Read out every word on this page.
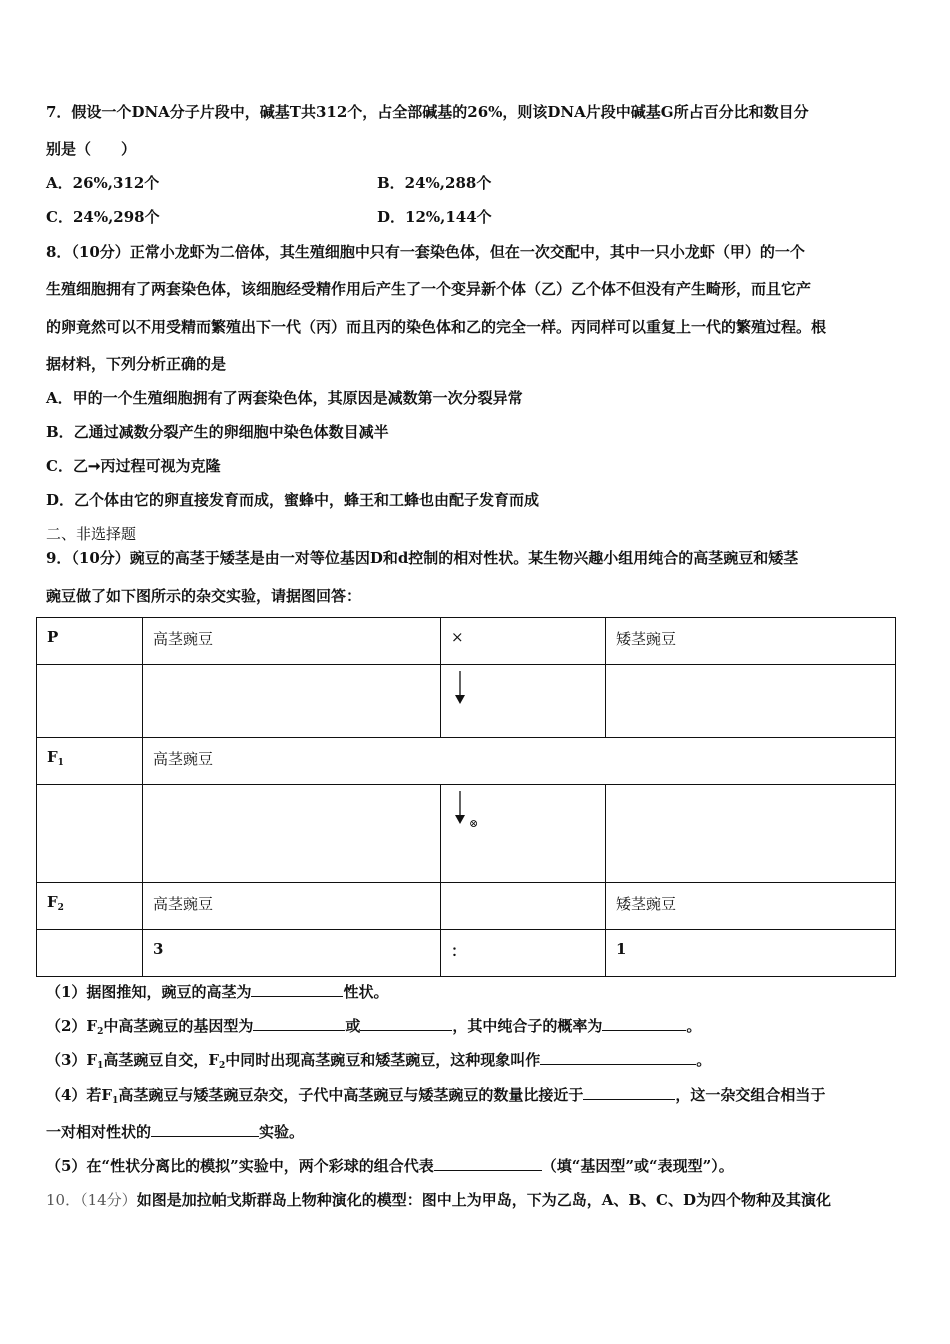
7．假设一个DNA分子片段中，碱基T共312个，占全部碱基的26%，则该DNA片段中碱基G所占百分比和数目分
别是（　　）
A．26%,312个	B．24%,288个
C．24%,298个	D．12%,144个
8．（10分）正常小龙虾为二倍体，其生殖细胞中只有一套染色体，但在一次交配中，其中一只小龙虾（甲）的一个
生殖细胞拥有了两套染色体，该细胞经受精作用后产生了一个变异新个体（乙）乙个体不但没有产生畸形，而且它产
的卵竟然可以不用受精而繁殖出下一代（丙）而且丙的染色体和乙的完全一样。丙同样可以重复上一代的繁殖过程。根
据材料，下列分析正确的是
A．甲的一个生殖细胞拥有了两套染色体，其原因是减数第一次分裂异常
B．乙通过减数分裂产生的卵细胞中染色体数目减半
C．乙➞丙过程可视为克隆
D．乙个体由它的卵直接发育而成，蜜蜂中，蜂王和工蜂也由配子发育而成
二、非选择题
9．（10分）豌豆的高茎于矮茎是由一对等位基因D和d控制的相对性状。某生物兴趣小组用纯合的高茎豌豆和矮茎
豌豆做了如下图所示的杂交实验，请据图回答：
P	高茎豌豆	×	矮茎豌豆

$F_1$	高茎豌豆		
		$_\otimes$	
$F_2$	高茎豌豆		矮茎豌豆
	3	：	1
（1）据图推知，豌豆的高茎为	性状。
$(2)F_2$中高茎豌豆的基因型为	或	，其中纯合子的概率为	。
$(3)F_1$高茎豌豆自交，$F_2$中同时出现高茎豌豆和矮茎豌豆，这种现象叫作	。
（4）若$F_1$高茎豌豆与矮茎豌豆杂交，子代中高茎豌豆与矮茎豌豆的数量比接近于	，这一杂交组合相当于
一对相对性状的	实验。
（5）在“性状分离比的模拟”实验中，两个彩球的组合代表	（填“基因型”或“表现型”）。
10．（14分）如图是加拉帕戈斯群岛上物种演化的模型：图中上为甲岛，下为乙岛，A、B、C、D为四个物种及其演化
